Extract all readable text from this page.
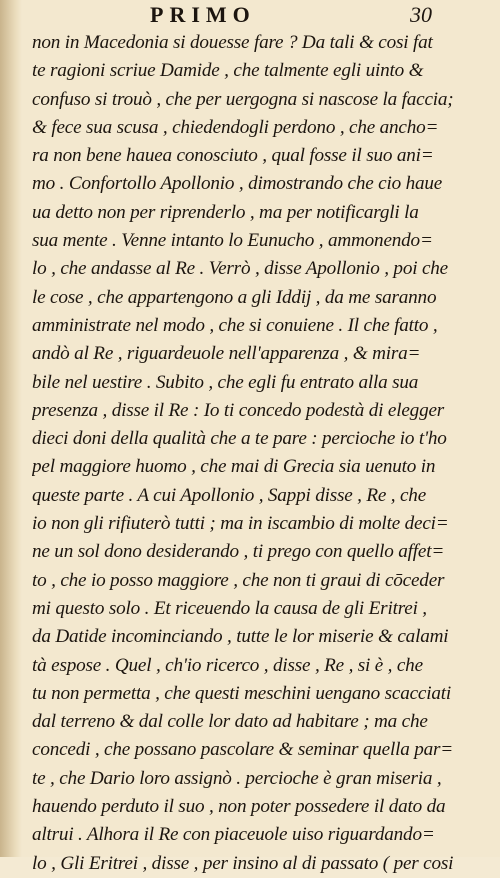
PRIMO	30
non in Macedonia si douesse fare ? Da tali & cosi fat
te ragioni scriue Damide , che talmente egli uinto &
confuso si trouò , che per uergogna si nascose la faccia;
& fece sua scusa , chiedendogli perdono , che ancho=
ra non bene hauea conosciuto , qual fosse il suo ani=
mo . Confortollo Apollonio , dimostrando che cio haue
ua detto non per riprenderlo , ma per notificargli la
sua mente . Venne intanto lo Eunucho , ammonendo=
lo , che andasse al Re . Verrò , disse Apollonio , poi che
le cose , che appartengono a gli Iddij , da me saranno
amministrate nel modo , che si conuiene . Il che fatto ,
andò al Re , riguardeuole nell'apparenza , & mira=
bile nel uestire . Subito , che egli fu entrato alla sua
presenza , disse il Re : Io ti concedo podestà di elegger
dieci doni della qualità che a te pare : percioche io t'ho
pel maggiore huomo , che mai di Grecia sia uenuto in
queste parte . A cui Apollonio , Sappi disse , Re , che
io non gli rifiuterò tutti ; ma in iscambio di molte deci=
ne un sol dono desiderando , ti prego con quello affet=
to , che io posso maggiore , che non ti graui di cōceder
mi questo solo . Et riceuendo la causa de gli Eritrei ,
da Datide incominciando , tutte le lor miserie & calami
tà espose . Quel , ch'io ricerco , disse , Re , si è , che
tu non permetta , che questi meschini uengano scacciati
dal terreno & dal colle lor dato ad habitare ; ma che
concedi , che possano pascolare & seminar quella par=
te , che Dario loro assignò . percioche è gran miseria ,
hauendo perduto il suo , non poter possedere il dato da
altrui . Alhora il Re con piaceuole uiso riguardando=
lo , Gli Eritrei , disse , per insino al di passato ( per cosi
